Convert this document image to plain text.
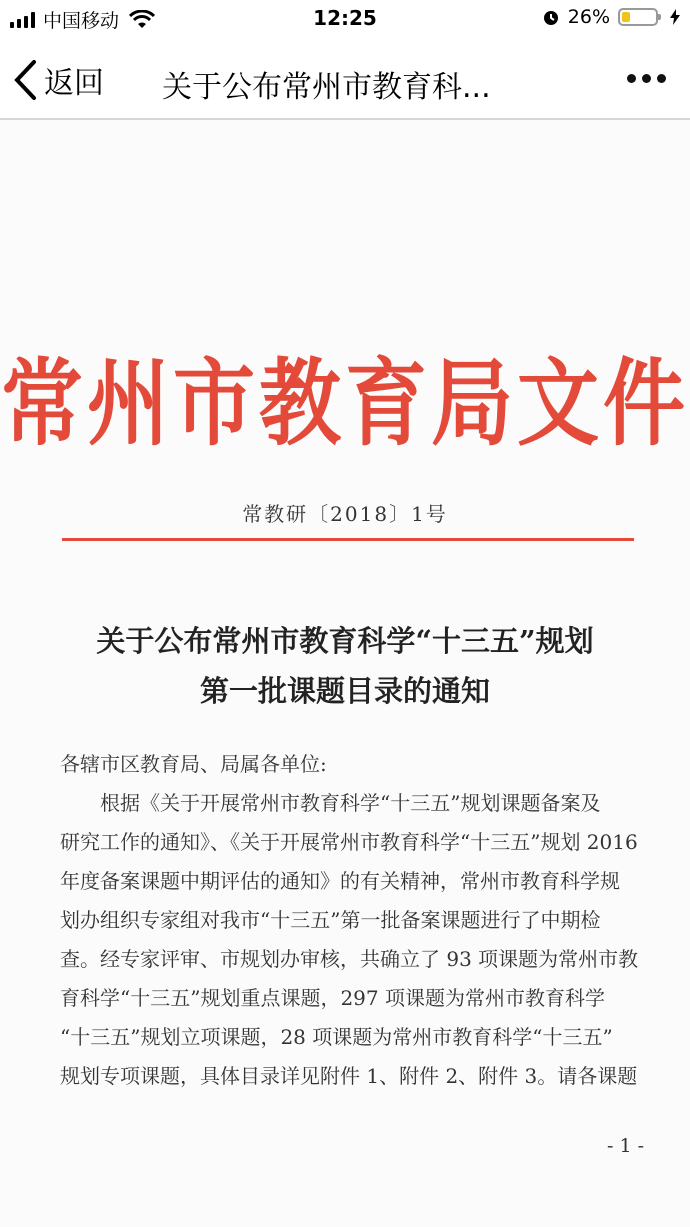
中国移动	12:25	26%
返回 关于公布常州市教育科...
常州市教育局文件
常教研〔2018〕1号
关于公布常州市教育科学“十三五”规划
第一批课题目录的通知
各辖市区教育局、局属各单位:
根据《关于开展常州市教育科学“十三五”规划课题备案及
研究工作的通知》、《关于开展常州市教育科学“十三五”规划 2016
年度备案课题中期评估的通知》的有关精神，常州市教育科学规
划办组织专家组对我市“十三五”第一批备案课题进行了中期检
查。经专家评审、市规划办审核，共确立了 93 项课题为常州市教
育科学“十三五”规划重点课题，297 项课题为常州市教育科学
“十三五”规划立项课题，28 项课题为常州市教育科学“十三五”
规划专项课题，具体目录详见附件 1、附件 2、附件 3。请各课题
- 1 -
